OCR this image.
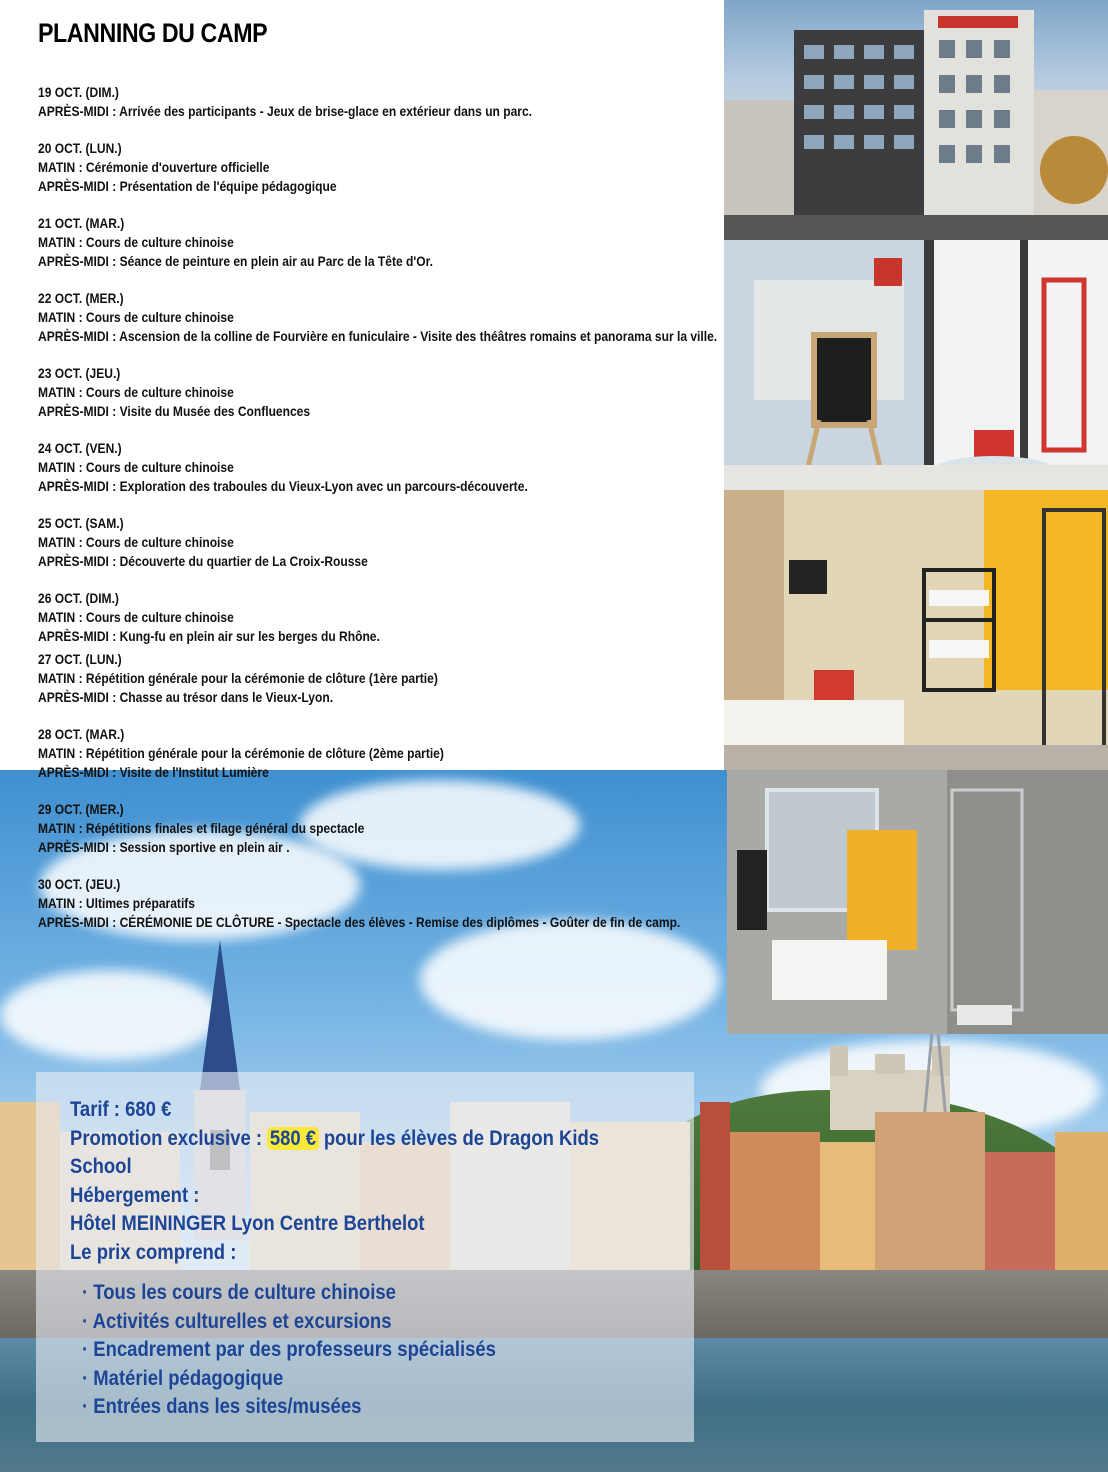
PLANNING DU CAMP
19 OCT. (DIM.)
APRÈS-MIDI : Arrivée des participants - Jeux de brise-glace en extérieur dans un parc.
20 OCT. (LUN.)
MATIN : Cérémonie d'ouverture officielle
APRÈS-MIDI : Présentation de l'équipe pédagogique
21 OCT. (MAR.)
MATIN : Cours de culture chinoise
APRÈS-MIDI : Séance de peinture en plein air au Parc de la Tête d'Or.
22 OCT. (MER.)
MATIN : Cours de culture chinoise
APRÈS-MIDI : Ascension de la colline de Fourvière en funiculaire - Visite des théâtres romains et panorama sur la ville.
23 OCT. (JEU.)
MATIN : Cours de culture chinoise
APRÈS-MIDI : Visite du Musée des Confluences
24 OCT. (VEN.)
MATIN : Cours de culture chinoise
APRÈS-MIDI : Exploration des traboules du Vieux-Lyon avec un parcours-découverte.
25 OCT. (SAM.)
MATIN : Cours de culture chinoise
APRÈS-MIDI : Découverte du quartier de La Croix-Rousse
26 OCT. (DIM.)
MATIN : Cours de culture chinoise
APRÈS-MIDI : Kung-fu en plein air sur les berges du Rhône.
27 OCT. (LUN.)
MATIN : Répétition générale pour la cérémonie de clôture (1ère partie)
APRÈS-MIDI : Chasse au trésor dans le Vieux-Lyon.
28 OCT. (MAR.)
MATIN : Répétition générale pour la cérémonie de clôture (2ème partie)
APRÈS-MIDI : Visite de l'Institut Lumière
29 OCT. (MER.)
MATIN : Répétitions finales et filage général du spectacle
APRÈS-MIDI : Session sportive en plein air .
30 OCT. (JEU.)
MATIN : Ultimes préparatifs
APRÈS-MIDI : CÉRÉMONIE DE CLÔTURE - Spectacle des élèves - Remise des diplômes - Goûter de fin de camp.
Tarif : 680 €
Promotion exclusive : 580 € pour les élèves de Dragon Kids
School
Hébergement :
Hôtel MEININGER Lyon Centre Berthelot
Le prix comprend :
· Tous les cours de culture chinoise
· Activités culturelles et excursions
· Encadrement par des professeurs spécialisés
· Matériel pédagogique
· Entrées dans les sites/musées
